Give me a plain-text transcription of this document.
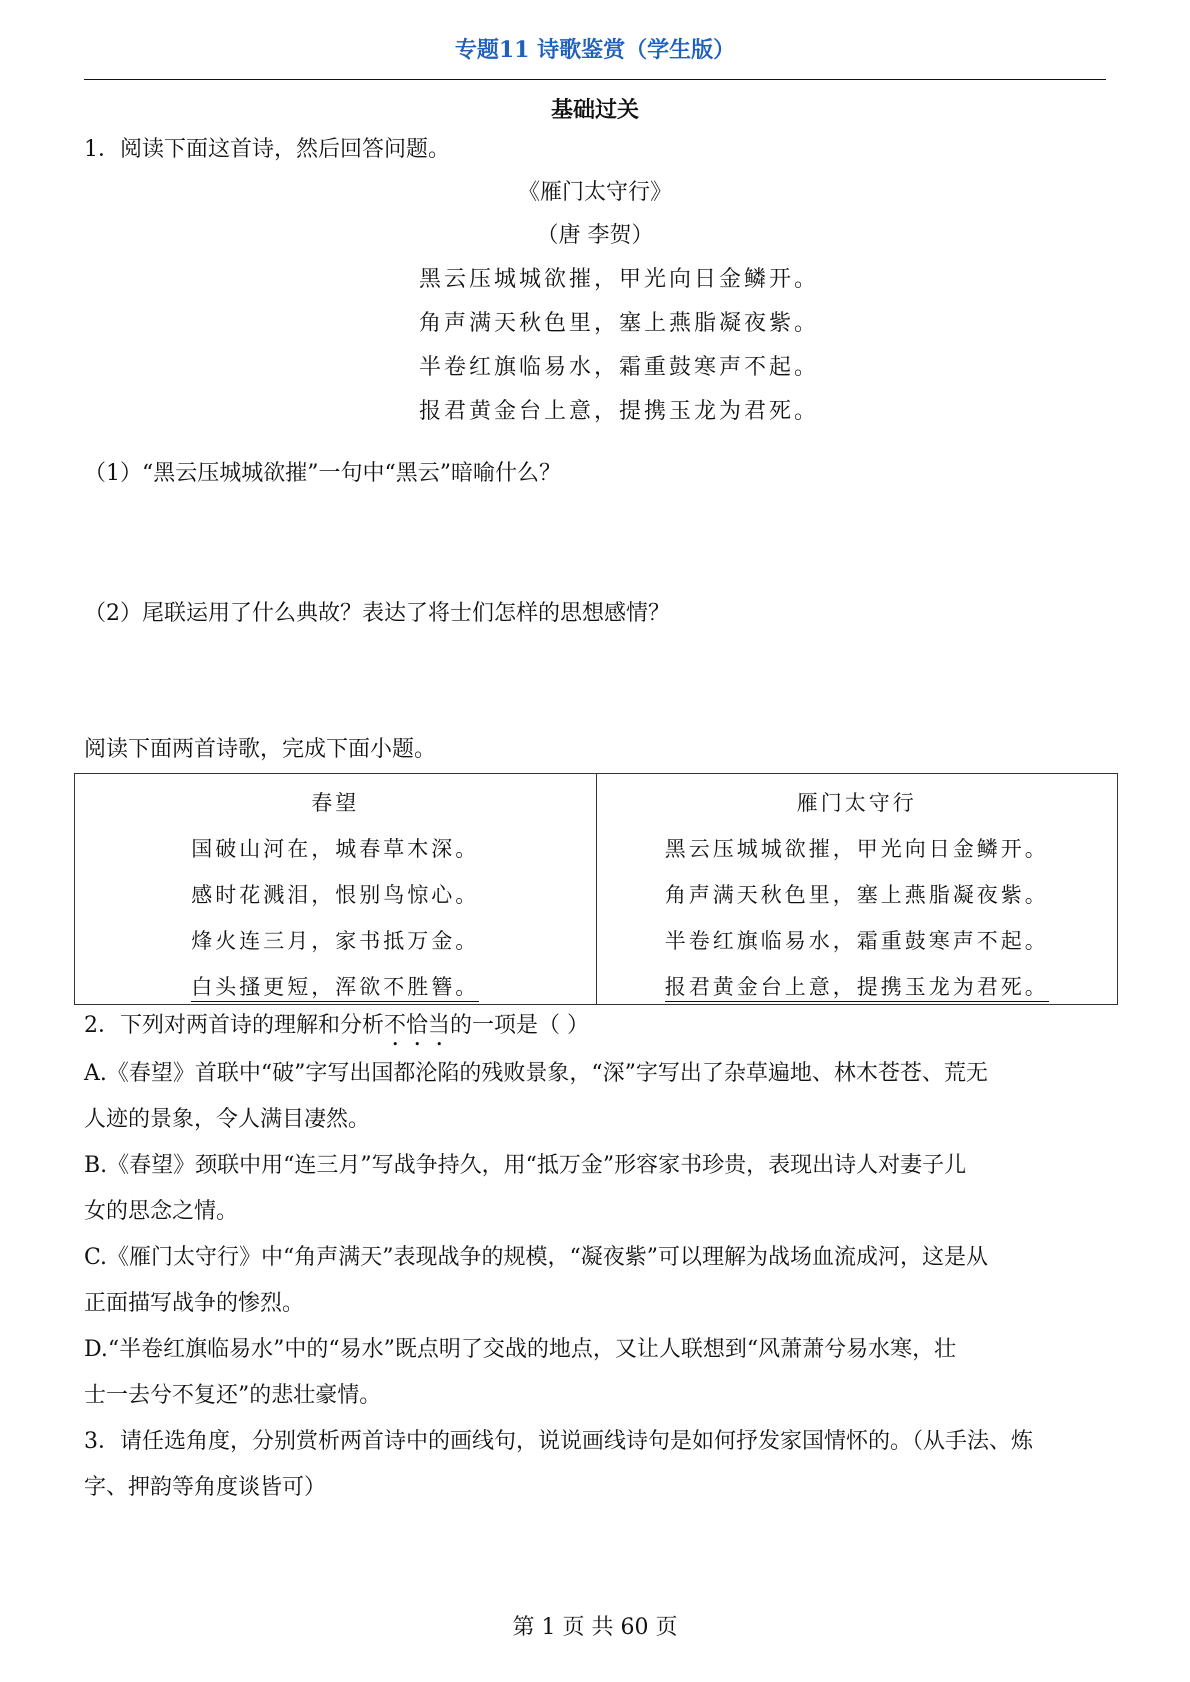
专题11 诗歌鉴赏（学生版）
基础过关
1．阅读下面这首诗，然后回答问题。
《雁门太守行》
（唐 李贺）
黑云压城城欲摧，甲光向日金鳞开。
角声满天秋色里，塞上燕脂凝夜紫。
半卷红旗临易水，霜重鼓寒声不起。
报君黄金台上意，提携玉龙为君死。
（1）“黑云压城城欲摧”一句中“黑云”暗喻什么？
（2）尾联运用了什么典故？表达了将士们怎样的思想感情？
阅读下面两首诗歌，完成下面小题。
春望
国破山河在，城春草木深。
感时花溅泪，恨别鸟惊心。
烽火连三月，家书抵万金。
白头搔更短，浑欲不胜簪。
雁门太守行
黑云压城城欲摧，甲光向日金鳞开。
角声满天秋色里，塞上燕脂凝夜紫。
半卷红旗临易水，霜重鼓寒声不起。
报君黄金台上意，提携玉龙为君死。
2．下列对两首诗的理解和分析不恰当的一项是（ ）
A.《春望》首联中“破”字写出国都沦陷的残败景象，“深”字写出了杂草遍地、林木苍苍、荒无
人迹的景象，令人满目凄然。
B.《春望》颈联中用“连三月”写战争持久，用“抵万金”形容家书珍贵，表现出诗人对妻子儿
女的思念之情。
C.《雁门太守行》中“角声满天”表现战争的规模，“凝夜紫”可以理解为战场血流成河，这是从
正面描写战争的惨烈。
D.“半卷红旗临易水”中的“易水”既点明了交战的地点，又让人联想到“风萧萧兮易水寒，壮
士一去兮不复还”的悲壮豪情。
3．请任选角度，分别赏析两首诗中的画线句，说说画线诗句是如何抒发家国情怀的。（从手法、炼
字、押韵等角度谈皆可）
第 1 页 共 60 页
